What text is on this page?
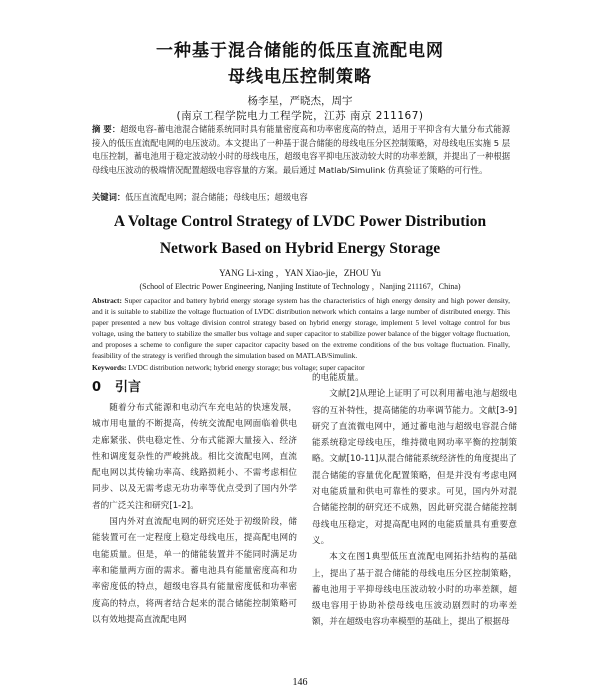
一种基于混合储能的低压直流配电网
母线电压控制策略
杨李星，严晓杰，周宇
(南京工程学院电力工程学院，江苏 南京 211167)
摘 要：超级电容-蓄电池混合储能系统同时具有能量密度高和功率密度高的特点，适用于平抑含有大量分布式能源接入的低压直流配电网的电压波动。本文提出了一种基于混合储能的母线电压分区控制策略，对母线电压实施 5 层电压控制，蓄电池用于稳定波动较小时的母线电压，超级电容平抑电压波动较大时的功率差额，并提出了一种根据母线电压波动的极端情况配置超级电容容量的方案。最后通过 Matlab/Simulink 仿真验证了策略的可行性。
关键词：低压直流配电网；混合储能；母线电压；超级电容
A Voltage Control Strategy of LVDC Power Distribution
Network Based on Hybrid Energy Storage
YANG Li-xing ，YAN Xiao-jie，ZHOU Yu
(School of Electric Power Engineering, Nanjing Institute of Technology ，Nanjing 211167，China)
Abstract: Super capacitor and battery hybrid energy storage system has the characteristics of high energy density and high power density, and it is suitable to stabilize the voltage fluctuation of LVDC distribution network which contains a large number of distributed energy. This paper presented a new bus voltage division control strategy based on hybrid energy storage, implement 5 level voltage control for bus voltage, using the battery to stabilize the smaller bus voltage and super capacitor to stabilize power balance of the bigger voltage fluctuation, and proposes a scheme to configure the super capacitor capacity based on the extreme conditions of the bus voltage fluctuation. Finally, feasibility of the strategy is verified through the simulation based on MATLAB/Simulink.
Keywords: LVDC distribution network; hybrid energy storage; bus voltage; super capacitor
0 引言

随着分布式能源和电动汽车充电站的快速发展，城市用电量的不断提高，传统交流配电网面临着供电走廊紧张、供电稳定性、分布式能源大量接入、经济性和调度复杂性的严峻挑战。相比交流配电网，直流配电网以其传输功率高、线路损耗小、不需考虑相位同步、以及无需考虑无功功率等优点受到了国内外学者的广泛关注和研究[1-2]。

国内外对直流配电网的研究还处于初级阶段，储能装置可在一定程度上稳定母线电压，提高配电网的电能质量。但是，单一的储能装置并不能同时满足功率和能量两方面的需求。蓄电池具有能量密度高和功率密度低的特点，超级电容具有能量密度低和功率密度高的特点，将两者结合起来的混合储能控制策略可以有效地提高直流配电网

的电能质量。

文献[2]从理论上证明了可以利用蓄电池与超级电容的互补特性，提高储能的功率调节能力。文献[3-9]研究了直流微电网中，通过蓄电池与超级电容混合储能系统稳定母线电压，维持微电网功率平衡的控制策略。文献[10-11]从混合储能系统经济性的角度提出了混合储能的容量优化配置策略，但是并没有考虑电网对电能质量和供电可靠性的要求。可见，国内外对混合储能控制的研究还不成熟，因此研究混合储能控制母线电压稳定，对提高配电网的电能质量具有重要意义。

本文在图1典型低压直流配电网拓扑结构的基础上，提出了基于混合储能的母线电压分区控制策略，蓄电池用于平抑母线电压波动较小时的功率差额，超级电容用于协助补偿母线电压波动剧烈时的功率差额，并在超级电容功率模型的基础上，提出了根据母

146
